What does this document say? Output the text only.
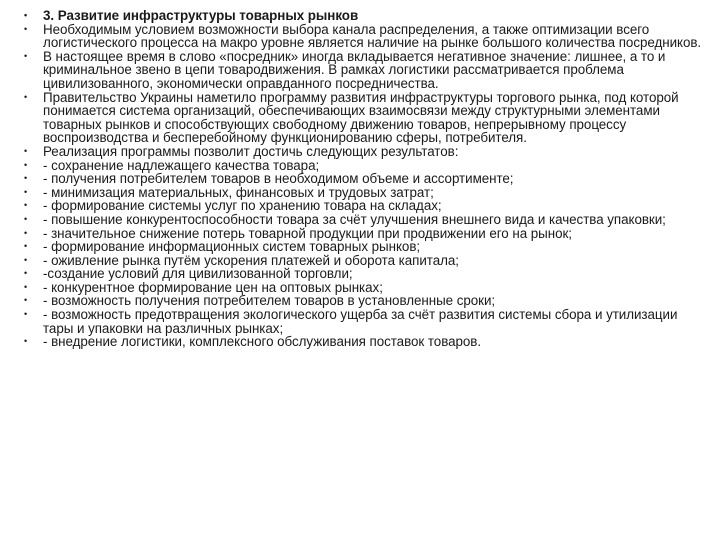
• 3. Развитие инфраструктуры товарных рынков
• Необходимым условием возможности выбора канала распределения, а также оптимизации всего логистического процесса на макро уровне является наличие на рынке большого количества посредников.
• В настоящее время в слово «посредник» иногда вкладывается негативное значение: лишнее, а то и криминальное звено в цепи товародвижения. В рамках логистики рассматривается проблема цивилизованного, экономически оправданного посредничества.
• Правительство Украины наметило программу развития инфраструктуры торгового рынка, под которой понимается система организаций, обеспечивающих взаимосвязи между структурными элементами товарных рынков и способствующих свободному движению товаров, непрерывному процессу воспроизводства и бесперебойному функционированию сферы, потребителя.
• Реализация программы позволит достичь следующих результатов:
• - сохранение надлежащего качества товара;
• - получения потребителем товаров в необходимом объеме и ассортименте;
• - минимизация материальных, финансовых и трудовых затрат;
• - формирование системы услуг по хранению товара на складах;
• - повышение конкурентоспособности товара за счёт улучшения внешнего вида и качества упаковки;
• - значительное снижение потерь товарной продукции при продвижении его на рынок;
• - формирование информационных систем товарных рынков;
• - оживление рынка путём ускорения платежей и оборота капитала;
• -создание условий для цивилизованной торговли;
• - конкурентное формирование цен на оптовых рынках;
• - возможность получения потребителем товаров в установленные сроки;
• - возможность предотвращения экологического ущерба за счёт развития системы сбора и утилизации тары и упаковки на различных рынках;
• - внедрение логистики, комплексного обслуживания поставок товаров.
